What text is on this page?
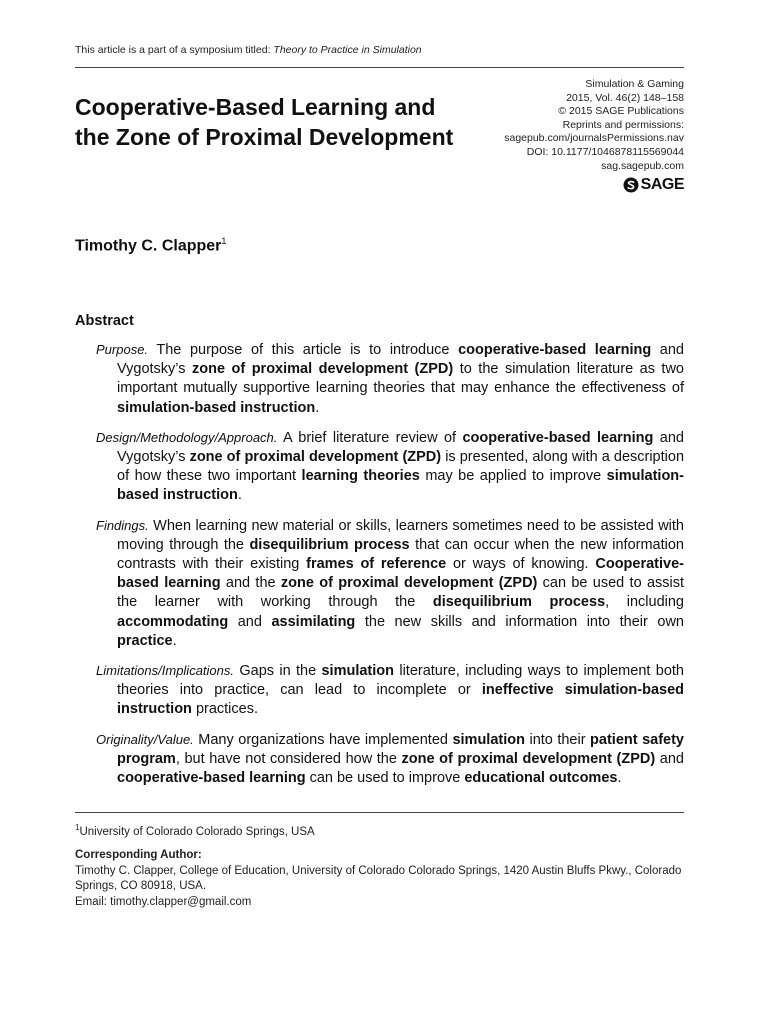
This article is a part of a symposium titled: Theory to Practice in Simulation
Cooperative-Based Learning and the Zone of Proximal Development
Simulation & Gaming
2015, Vol. 46(2) 148–158
© 2015 SAGE Publications
Reprints and permissions:
sagepub.com/journalsPermissions.nav
DOI: 10.1177/1046878115569044
sag.sagepub.com
SAGE
Timothy C. Clapper$^1$
Abstract

Purpose. The purpose of this article is to introduce cooperative-based learning and Vygotsky’s zone of proximal development (ZPD) to the simulation literature as two important mutually supportive learning theories that may enhance the effectiveness of simulation-based instruction.

Design/Methodology/Approach. A brief literature review of cooperative-based learning and Vygotsky’s zone of proximal development (ZPD) is presented, along with a description of how these two important learning theories may be applied to improve simulation-based instruction.

Findings. When learning new material or skills, learners sometimes need to be assisted with moving through the disequilibrium process that can occur when the new information contrasts with their existing frames of reference or ways of knowing. Cooperative-based learning and the zone of proximal development (ZPD) can be used to assist the learner with working through the disequilibrium process, including accommodating and assimilating the new skills and information into their own practice.

Limitations/Implications. Gaps in the simulation literature, including ways to implement both theories into practice, can lead to incomplete or ineffective simulation-based instruction practices.

Originality/Value. Many organizations have implemented simulation into their patient safety program, but have not considered how the zone of proximal development (ZPD) and cooperative-based learning can be used to improve educational outcomes.

$^1$University of Colorado Colorado Springs, USA
Corresponding Author:
Timothy C. Clapper, College of Education, University of Colorado Colorado Springs, 1420 Austin Bluffs Pkwy., Colorado Springs, CO 80918, USA.
Email: timothy.clapper@gmail.com
